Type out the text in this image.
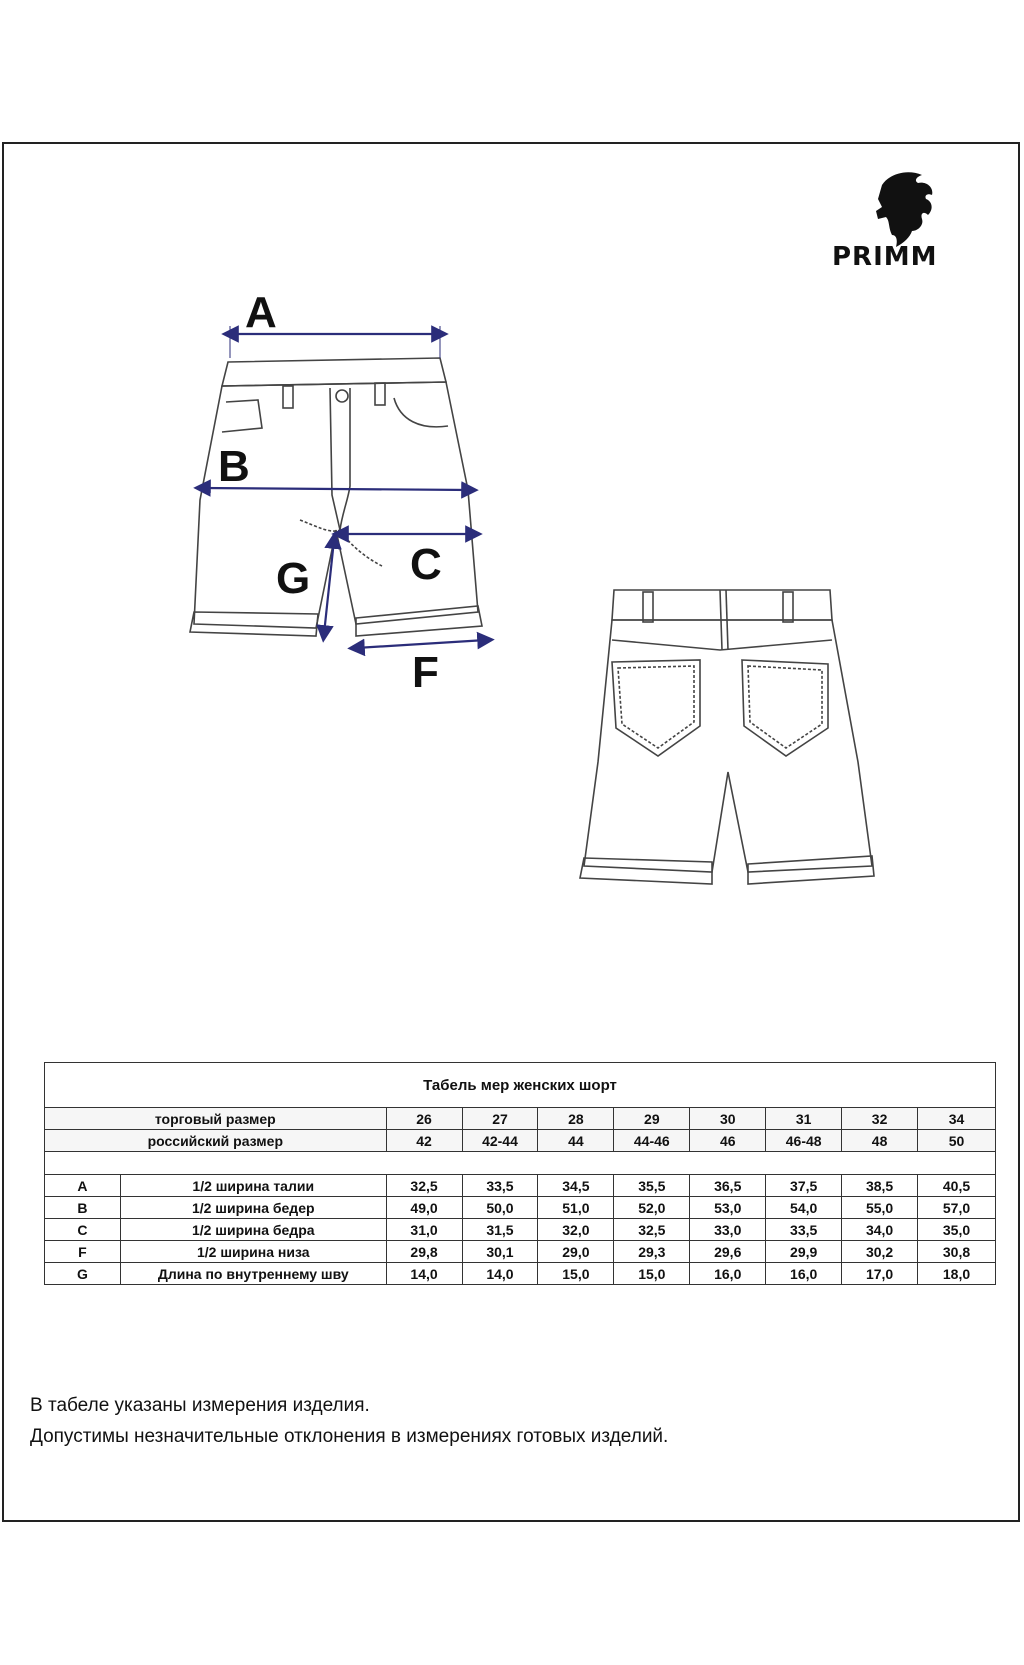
PRIMM
A
B
C
G
F
Табель мер женских шорт									
торговый размер		26	27	28	29	30	31	32	34
российский размер		42	42-44	44	44-46	46	46-48	48	50

A	1/2 ширина талии	32,5	33,5	34,5	35,5	36,5	37,5	38,5	40,5
B	1/2 ширина бедер	49,0	50,0	51,0	52,0	53,0	54,0	55,0	57,0
C	1/2 ширина бедра	31,0	31,5	32,0	32,5	33,0	33,5	34,0	35,0
F	1/2 ширина низа	29,8	30,1	29,0	29,3	29,6	29,9	30,2	30,8
G	Длина по внутреннему шву	14,0	14,0	15,0	15,0	16,0	16,0	17,0	18,0
В табеле указаны измерения изделия.
Допустимы незначительные отклонения в измерениях готовых изделий.
